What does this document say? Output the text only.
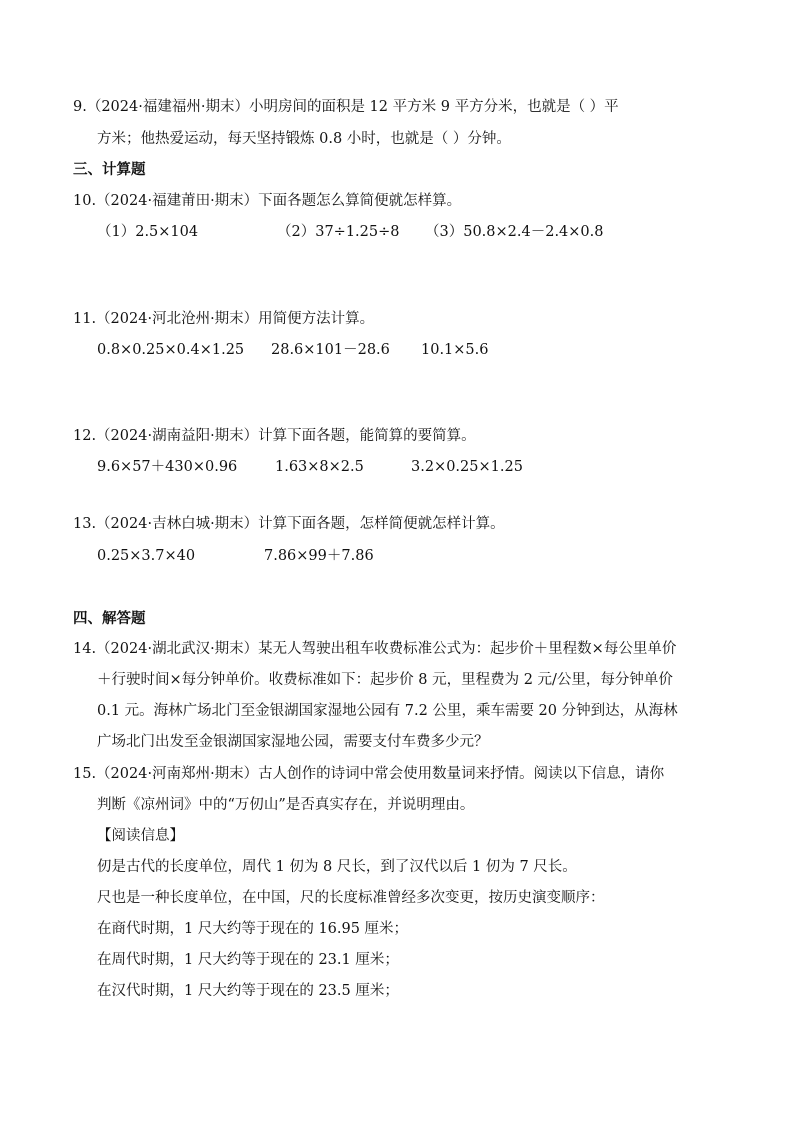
9.（2024·福建福州·期末）小明房间的面积是 12 平方米 9 平方分米，也就是（ ）平
方米；他热爱运动，每天坚持锻炼 0.8 小时，也就是（ ）分钟。
三、计算题
10.（2024·福建莆田·期末）下面各题怎么算简便就怎样算。
（1）2.5×104	（2）37÷1.25÷8 （3）50.8×2.4－2.4×0.8
11.（2024·河北沧州·期末）用简便方法计算。
0.8×0.25×0.4×1.25 28.6×101－28.6 10.1×5.6
12.（2024·湖南益阳·期末）计算下面各题，能简算的要简算。
9.6×57＋430×0.96	1.63×8×2.5	3.2×0.25×1.25
13.（2024·吉林白城·期末）计算下面各题，怎样简便就怎样计算。
0.25×3.7×40	7.86×99＋7.86
四、解答题
14.（2024·湖北武汉·期末）某无人驾驶出租车收费标准公式为：起步价＋里程数×每公里单价
＋行驶时间×每分钟单价。收费标准如下：起步价 8 元，里程费为 2 元/公里，每分钟单价
0.1 元。海林广场北门至金银湖国家湿地公园有 7.2 公里，乘车需要 20 分钟到达，从海林
广场北门出发至金银湖国家湿地公园，需要支付车费多少元？
15.（2024·河南郑州·期末）古人创作的诗词中常会使用数量词来抒情。阅读以下信息，请你
判断《凉州词》中的“万仞山”是否真实存在，并说明理由。
【阅读信息】
仞是古代的长度单位，周代 1 仞为 8 尺长，到了汉代以后 1 仞为 7 尺长。
尺也是一种长度单位，在中国，尺的长度标准曾经多次变更，按历史演变顺序：
在商代时期，1 尺大约等于现在的 16.95 厘米；
在周代时期，1 尺大约等于现在的 23.1 厘米；
在汉代时期，1 尺大约等于现在的 23.5 厘米；
